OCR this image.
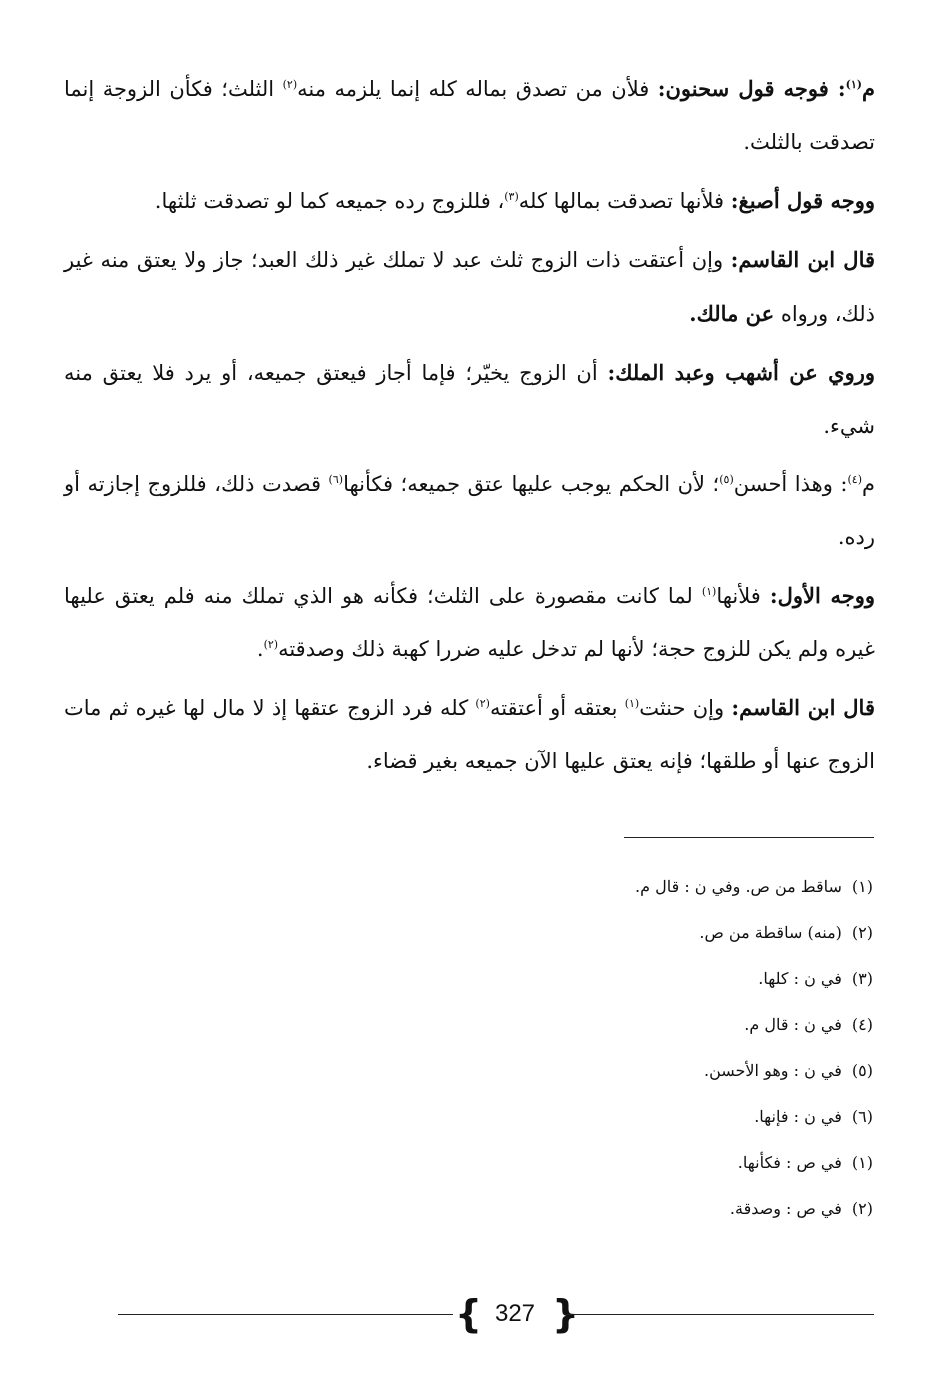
م$^{(١)}$: فوجه قول سحنون: فلأن من تصدق بماله كله إنما يلزمه منه$^{(٢)}$ الثلث؛ فكأن الزوجة إنما تصدقت بالثلث.

ووجه قول أصبغ: فلأنها تصدقت بمالها كله$^{(٣)}$، فللزوج رده جميعه كما لو تصدقت ثلثها.

قال ابن القاسم: وإن أعتقت ذات الزوج ثلث عبد لا تملك غير ذلك العبد؛ جاز ولا يعتق منه غير ذلك، ورواه عن مالك.

وروي عن أشهب وعبد الملك: أن الزوج يخيّر؛ فإما أجاز فيعتق جميعه، أو يرد فلا يعتق منه شيء.

م$^{(٤)}$: وهذا أحسن$^{(٥)}$؛ لأن الحكم يوجب عليها عتق جميعه؛ فكأنها$^{(٦)}$ قصدت ذلك، فللزوج إجازته أو رده.

ووجه الأول: فلأنها$^{(١)}$ لما كانت مقصورة على الثلث؛ فكأنه هو الذي تملك منه فلم يعتق عليها غيره ولم يكن للزوج حجة؛ لأنها لم تدخل عليه ضررا كهبة ذلك وصدقته$^{(٢)}$.

قال ابن القاسم: وإن حنثت$^{(١)}$ بعتقه أو أعتقته$^{(٢)}$ كله فرد الزوج عتقها إذ لا مال لها غيره ثم مات الزوج عنها أو طلقها؛ فإنه يعتق عليها الآن جميعه بغير قضاء.

(١)ساقط من ص. وفي ن : قال م.
(٢)(منه) ساقطة من ص.
(٣)في ن : كلها.
(٤)في ن : قال م.
(٥)في ن : وهو الأحسن.
(٦)في ن : فإنها.
(١)في ص : فكأنها.
(٢)في ص : وصدقة.
{ 327 }
